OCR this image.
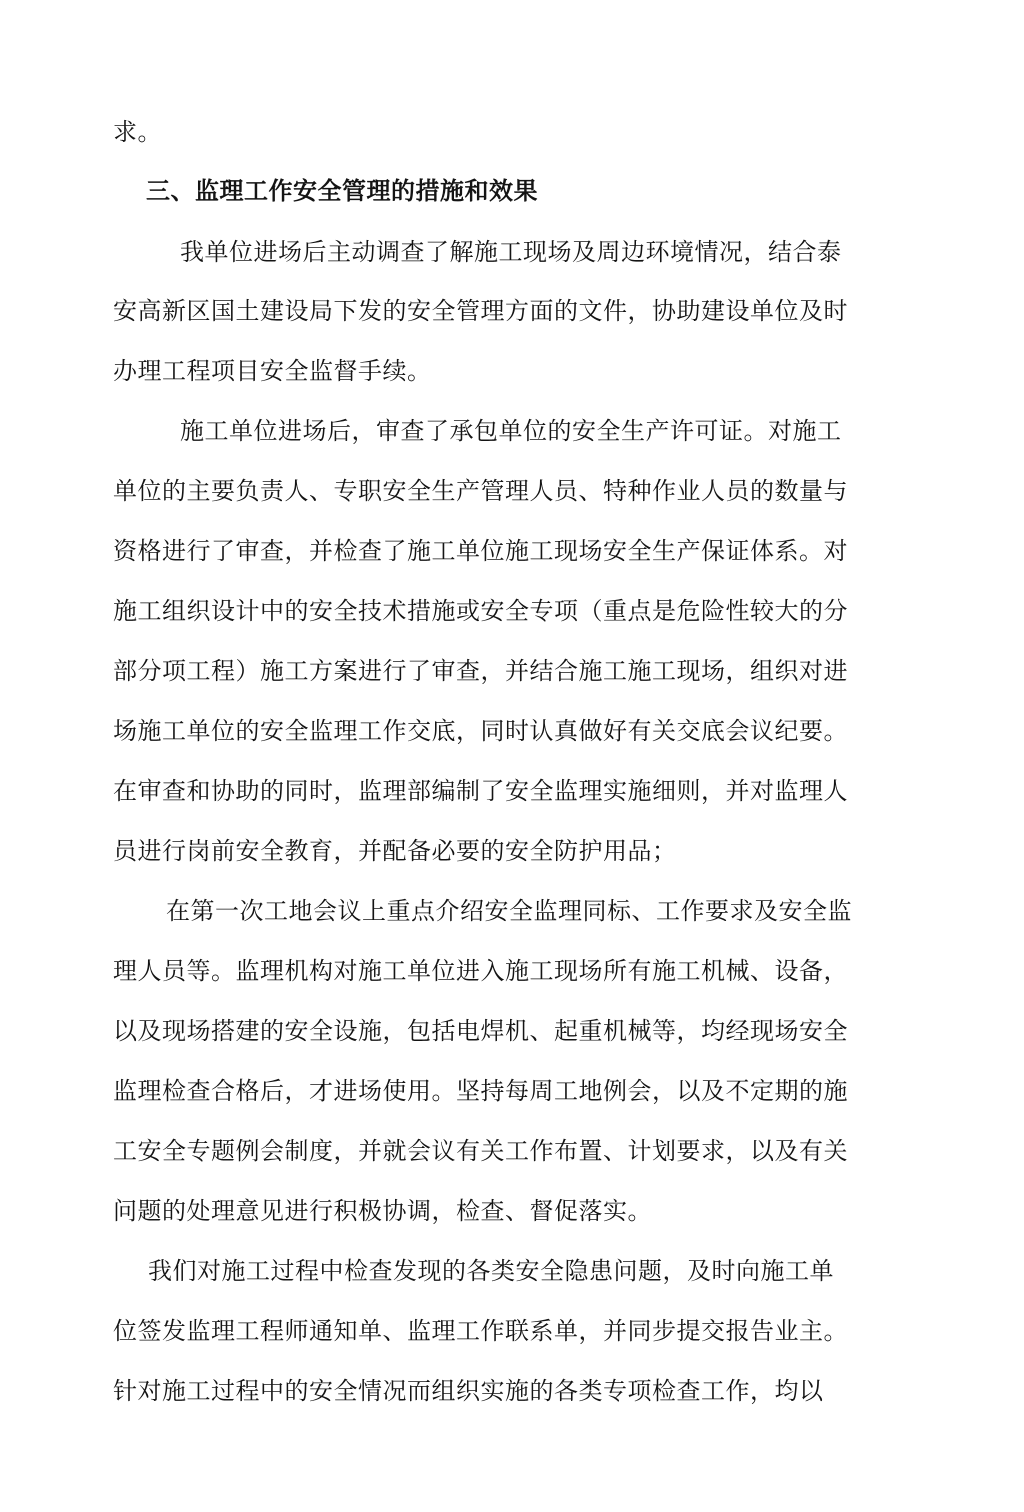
求。
三、监理工作安全管理的措施和效果
我单位进场后主动调查了解施工现场及周边环境情况，结合泰
安高新区国土建设局下发的安全管理方面的文件，协助建设单位及时
办理工程项目安全监督手续。
施工单位进场后，审查了承包单位的安全生产许可证。对施工
单位的主要负责人、专职安全生产管理人员、特种作业人员的数量与
资格进行了审查，并检查了施工单位施工现场安全生产保证体系。对
施工组织设计中的安全技术措施或安全专项（重点是危险性较大的分
部分项工程）施工方案进行了审查，并结合施工施工现场，组织对进
场施工单位的安全监理工作交底，同时认真做好有关交底会议纪要。
在审查和协助的同时，监理部编制了安全监理实施细则，并对监理人
员进行岗前安全教育，并配备必要的安全防护用品；
在第一次工地会议上重点介绍安全监理同标、工作要求及安全监
理人员等。监理机构对施工单位进入施工现场所有施工机械、设备，
以及现场搭建的安全设施，包括电焊机、起重机械等，均经现场安全
监理检查合格后，才进场使用。坚持每周工地例会，以及不定期的施
工安全专题例会制度，并就会议有关工作布置、计划要求，以及有关
问题的处理意见进行积极协调，检查、督促落实。
我们对施工过程中检查发现的各类安全隐患问题，及时向施工单
位签发监理工程师通知单、监理工作联系单，并同步提交报告业主。
针对施工过程中的安全情况而组织实施的各类专项检查工作，均以
